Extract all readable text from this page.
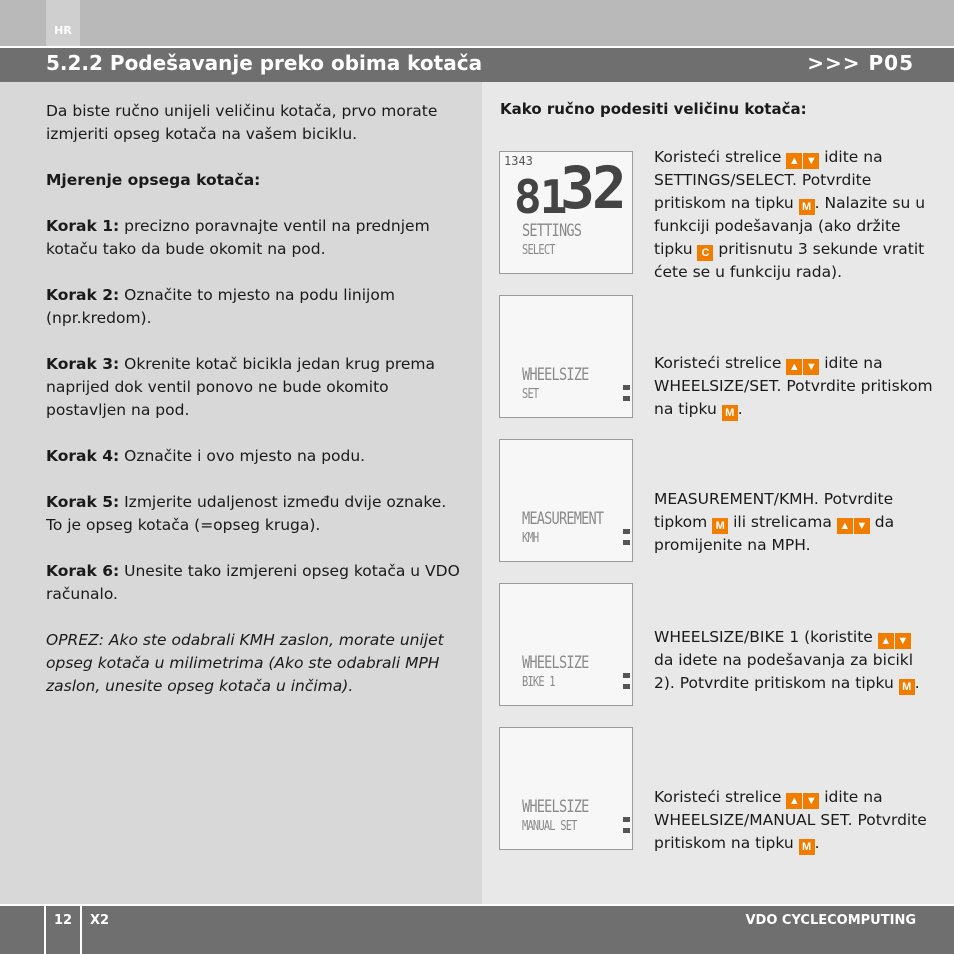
HR
5.2.2 Podešavanje preko obima kotača	>>> P05

Da biste ručno unijeli veličinu kotača, prvo morate izmjeriti opseg kotača na vašem biciklu.

Mjerenje opsega kotača:

Korak 1: precizno poravnajte ventil na prednjem kotaču tako da bude okomit na pod.

Korak 2: Označite to mjesto na podu linijom (npr.kredom).

Korak 3: Okrenite kotač bicikla jedan krug prema naprijed dok ventil ponovo ne bude okomito postavljen na pod.

Korak 4: Označite i ovo mjesto na podu.

Korak 5: Izmjerite udaljenost između dvije oznake. To je opseg kotača (=opseg kruga).

Korak 6: Unesite tako izmjereni opseg kotača u VDO računalo.

OPREZ: Ako ste odabrali KMH zaslon, morate unijet opseg kotača u milimetrima (Ako ste odabrali MPH zaslon, unesite opseg kotača u inčima).

Kako ručno podesiti veličinu kotača:
1343
81
32
SETTINGS
SELECT
WHEELSIZE
SET
MEASUREMENT
KMH
WHEELSIZE
BIKE 1
WHEELSIZE
MANUAL SET
Koristeći strelice ▲ ▼ idite na SETTINGS/SELECT. Potvrdite pritiskom na tipku M . Nalazite su u funkciji podešavanja (ako držite tipku C pritisnutu 3 sekunde vratit ćete se u funkciju rada).
Koristeći strelice ▲ ▼ idite na WHEELSIZE/SET. Potvrdite pritiskom na tipku M .
MEASUREMENT/KMH. Potvrdite tipkom M ili strelicama ▲ ▼ da promijenite na MPH.
WHEELSIZE/BIKE 1 (koristite ▲ ▼ da idete na podešavanja za bicikl 2). Potvrdite pritiskom na tipku M .
Koristeći strelice ▲ ▼ idite na WHEELSIZE/MANUAL SET. Potvrdite pritiskom na tipku M .
12	X2	VDO CYCLECOMPUTING
